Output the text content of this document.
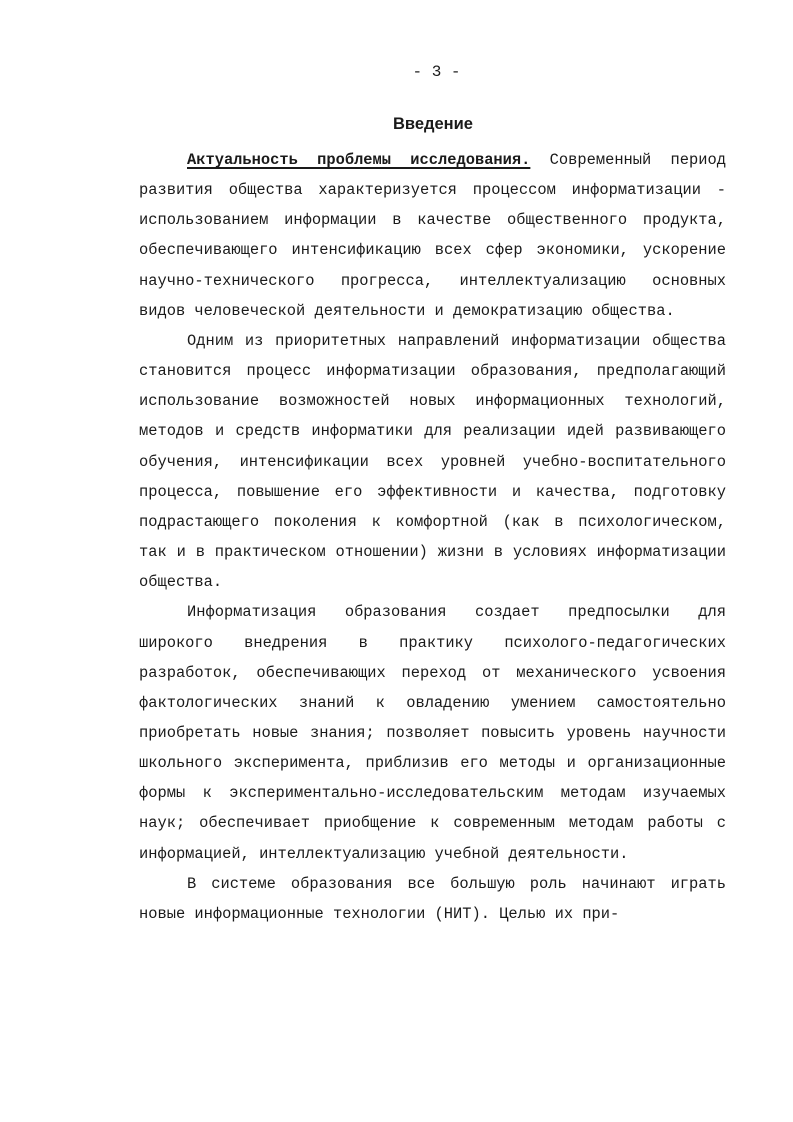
- 3 -
Введение

Актуальность проблемы исследования. Современный период развития общества характеризуется процессом информатизации - использованием информации в качестве общественного продукта, обеспечивающего интенсификацию всех сфер экономики, ускорение научно-технического прогресса, интеллектуализацию основных видов человеческой деятельности и демократизацию общества.

Одним из приоритетных направлений информатизации общества становится процесс информатизации образования, предполагающий использование возможностей новых информационных технологий, методов и средств информатики для реализации идей развивающего обучения, интенсификации всех уровней учебно-воспитательного процесса, повышение его эффективности и качества, подготовку подрастающего поколения к комфортной (как в психологическом, так и в практическом отношении) жизни в условиях информатизации общества.

Информатизация образования создает предпосылки для широкого внедрения в практику психолого-педагогических разработок, обеспечивающих переход от механического усвоения фактологических знаний к овладению умением самостоятельно приобретать новые знания; позволяет повысить уровень научности школьного эксперимента, приблизив его методы и организационные формы к экспериментально-исследовательским методам изучаемых наук; обеспечивает приобщение к современным методам работы с информацией, интеллектуализацию учебной деятельности.

В системе образования все большую роль начинают играть новые информационные технологии (НИТ). Целью их при-
